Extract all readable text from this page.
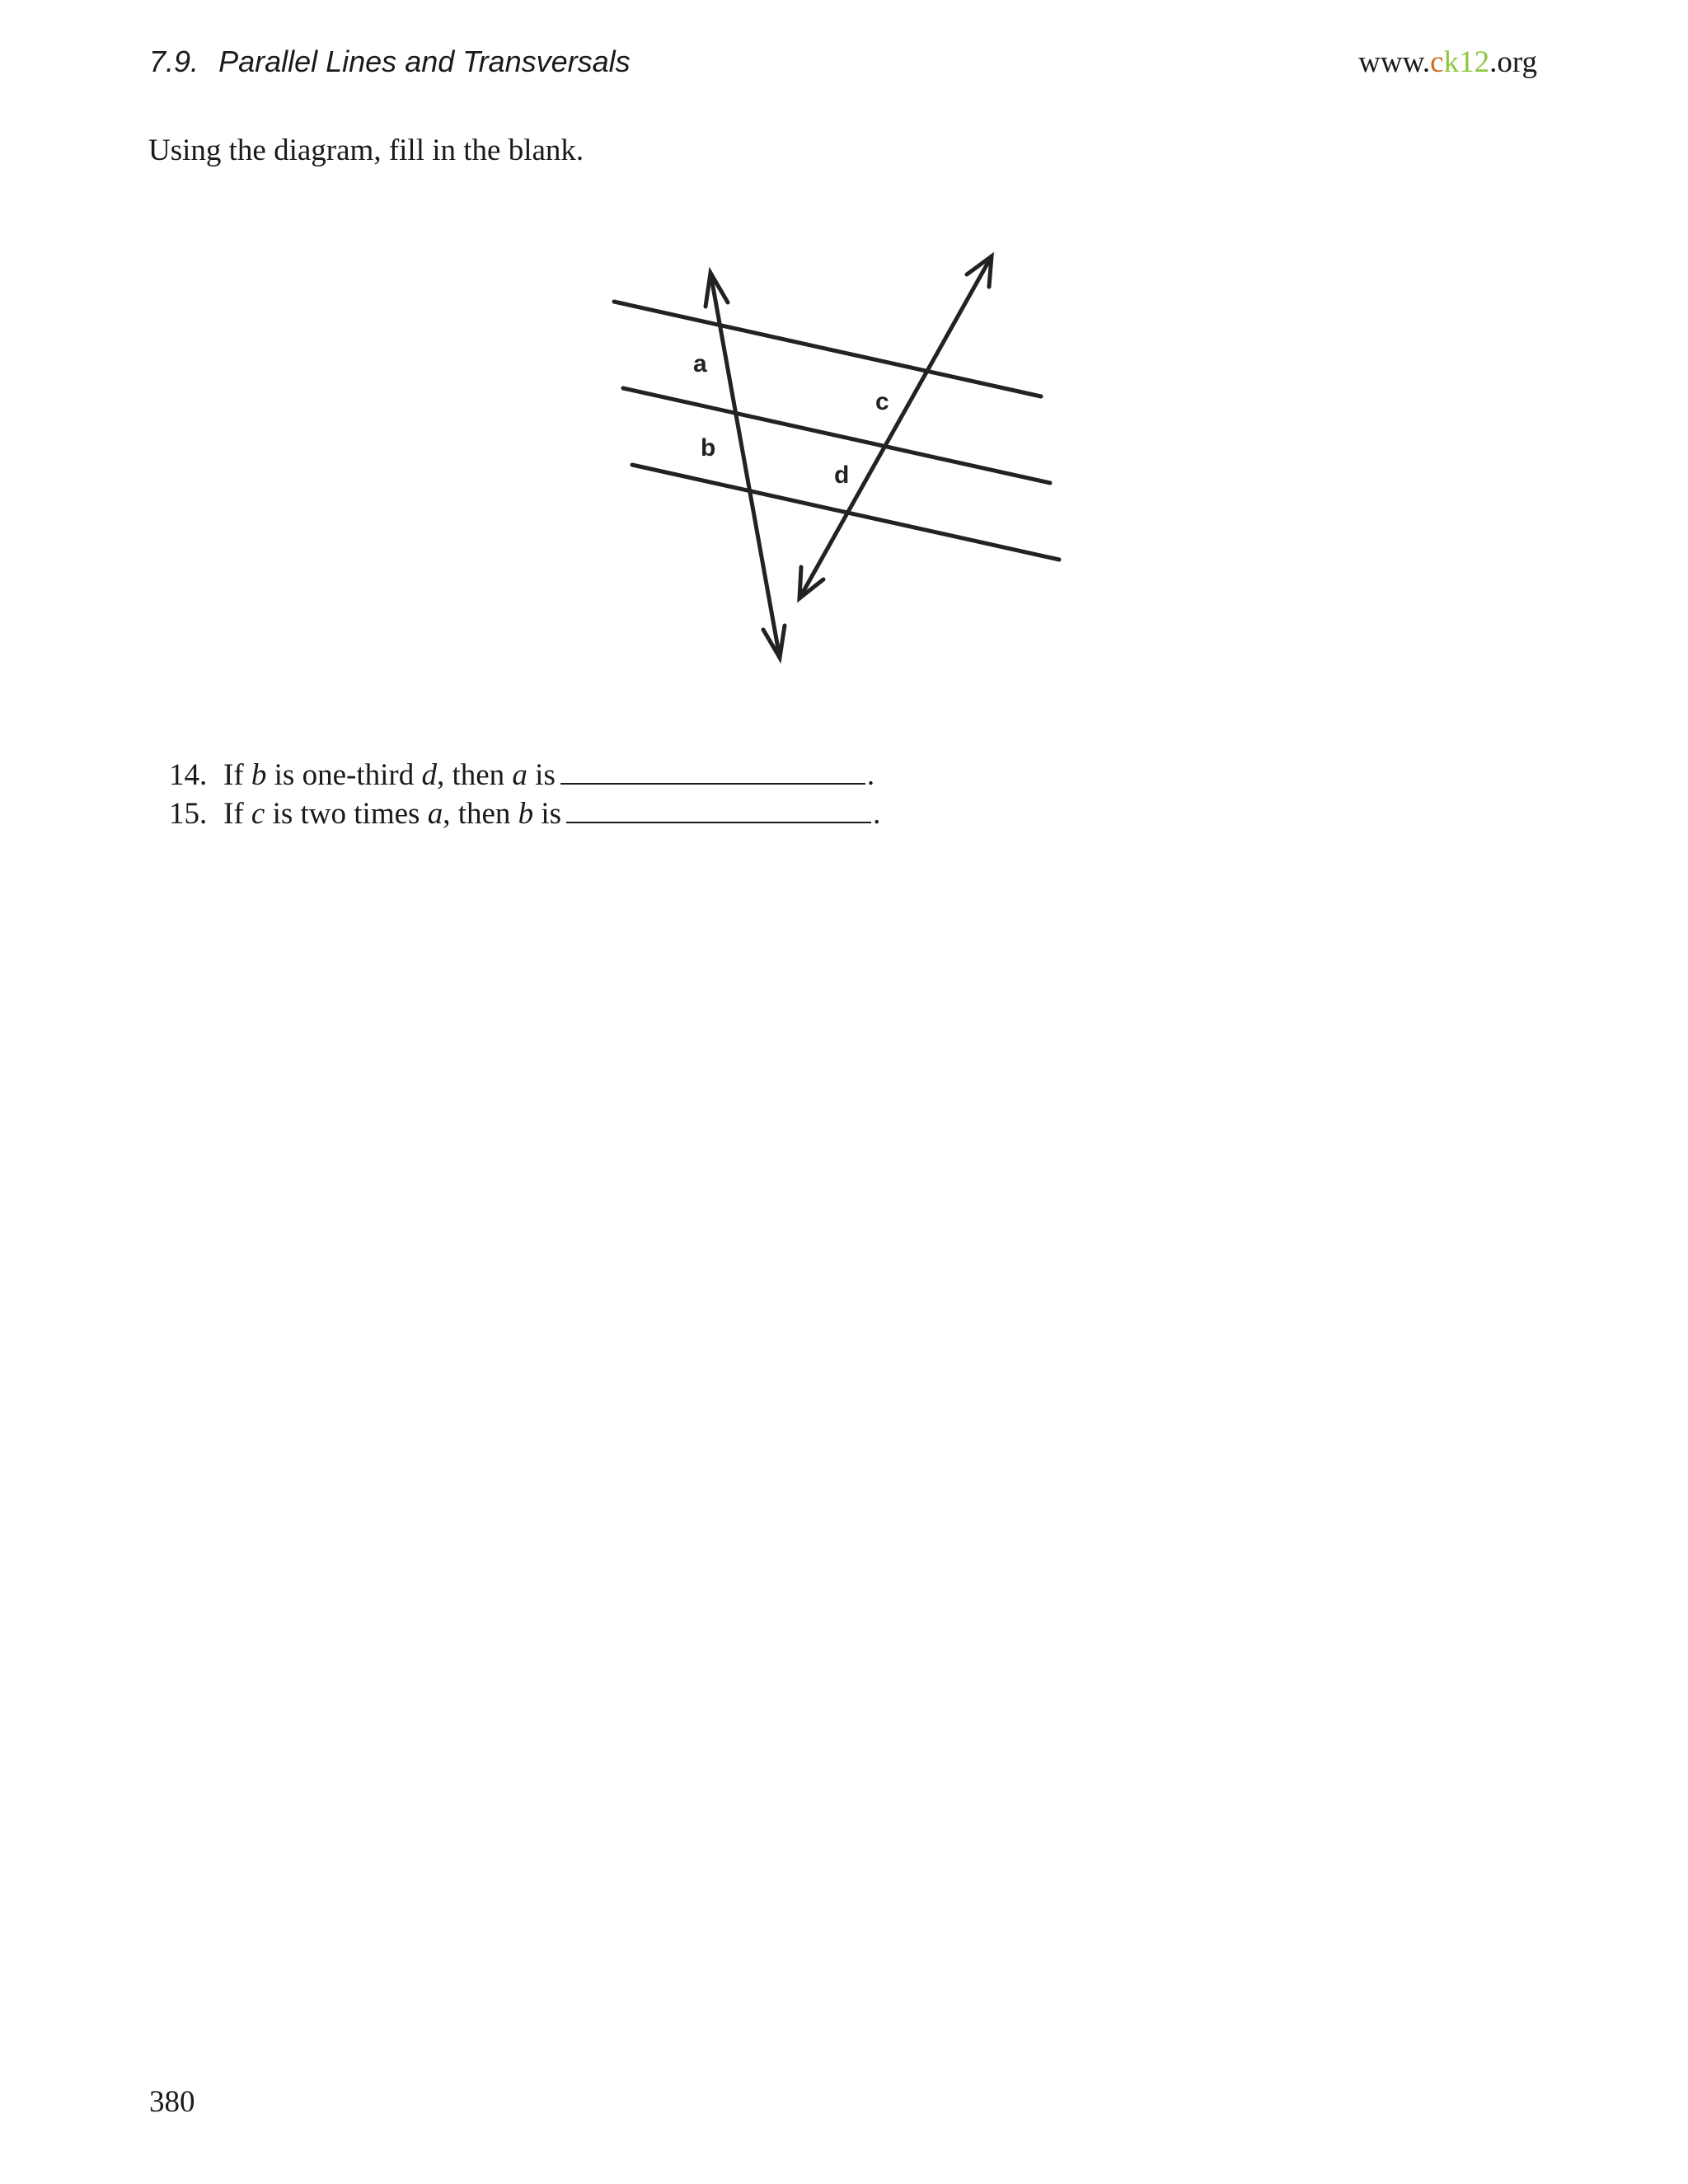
7.9. Parallel Lines and Transversals	www.ck12.org
Using the diagram, fill in the blank.
a
b
c
d
14. If b is one-third d, then a is	.
15. If c is two times a, then b is	.
380
